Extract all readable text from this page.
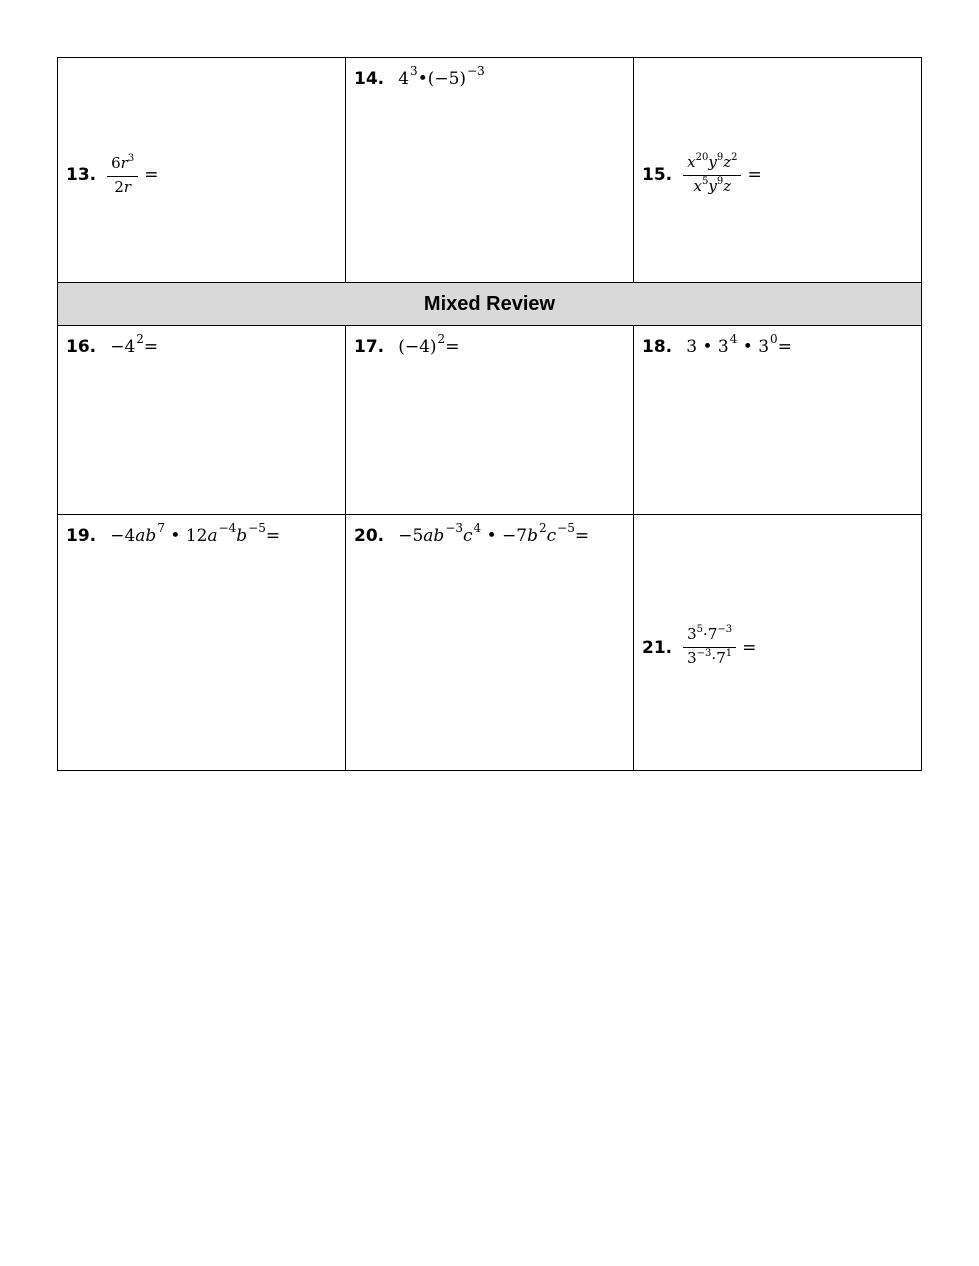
13. $\frac{6r^3}{2r}$ =	14. $4^3•(-5)^{-3}$	15. $\frac{x^{20}y^9z^2}{x^5y^9z}$ =

Mixed Review		

16. $-4^2=$	17. $(-4)^2=$	18. 3 • $3^4$ • $3^0=$

19. $-4ab^7$ • $12a^{-4}b^{-5}=$	20. $-5ab^{-3}c^4$ • $-7b^2c^{-5}=$	21. $\frac{3^5\cdot 7^{-3}}{3^{-3}\cdot 7^1}$ =
